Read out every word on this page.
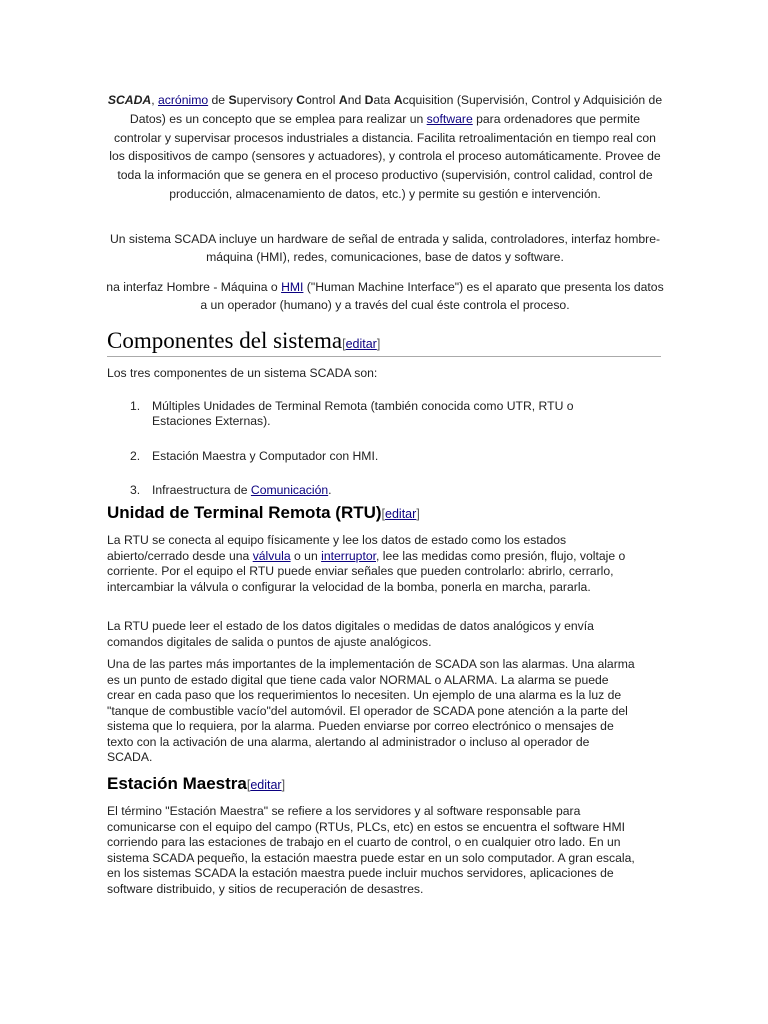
SCADA, acrónimo de Supervisory Control And Data Acquisition (Supervisión, Control y Adquisición de Datos) es un concepto que se emplea para realizar un software para ordenadores que permite controlar y supervisar procesos industriales a distancia. Facilita retroalimentación en tiempo real con los dispositivos de campo (sensores y actuadores), y controla el proceso automáticamente. Provee de toda la información que se genera en el proceso productivo (supervisión, control calidad, control de producción, almacenamiento de datos, etc.) y permite su gestión e intervención.
Un sistema SCADA incluye un hardware de señal de entrada y salida, controladores, interfaz hombre-máquina (HMI), redes, comunicaciones, base de datos y software.
na interfaz Hombre - Máquina o HMI ("Human Machine Interface") es el aparato que presenta los datos a un operador (humano) y a través del cual éste controla el proceso.
Componentes del sistema[editar]
Los tres componentes de un sistema SCADA son:
1. Múltiples Unidades de Terminal Remota (también conocida como UTR, RTU o Estaciones Externas).
2. Estación Maestra y Computador con HMI.
3. Infraestructura de Comunicación.
Unidad de Terminal Remota (RTU)[editar]
La RTU se conecta al equipo físicamente y lee los datos de estado como los estados abierto/cerrado desde una válvula o un interruptor, lee las medidas como presión, flujo, voltaje o corriente. Por el equipo el RTU puede enviar señales que pueden controlarlo: abrirlo, cerrarlo, intercambiar la válvula o configurar la velocidad de la bomba, ponerla en marcha, pararla.
La RTU puede leer el estado de los datos digitales o medidas de datos analógicos y envía comandos digitales de salida o puntos de ajuste analógicos.
Una de las partes más importantes de la implementación de SCADA son las alarmas. Una alarma es un punto de estado digital que tiene cada valor NORMAL o ALARMA. La alarma se puede crear en cada paso que los requerimientos lo necesiten. Un ejemplo de una alarma es la luz de "tanque de combustible vacío"del automóvil. El operador de SCADA pone atención a la parte del sistema que lo requiera, por la alarma. Pueden enviarse por correo electrónico o mensajes de texto con la activación de una alarma, alertando al administrador o incluso al operador de SCADA.
Estación Maestra[editar]
El término "Estación Maestra" se refiere a los servidores y al software responsable para comunicarse con el equipo del campo (RTUs, PLCs, etc) en estos se encuentra el software HMI corriendo para las estaciones de trabajo en el cuarto de control, o en cualquier otro lado. En un sistema SCADA pequeño, la estación maestra puede estar en un solo computador. A gran escala, en los sistemas SCADA la estación maestra puede incluir muchos servidores, aplicaciones de software distribuido, y sitios de recuperación de desastres.
